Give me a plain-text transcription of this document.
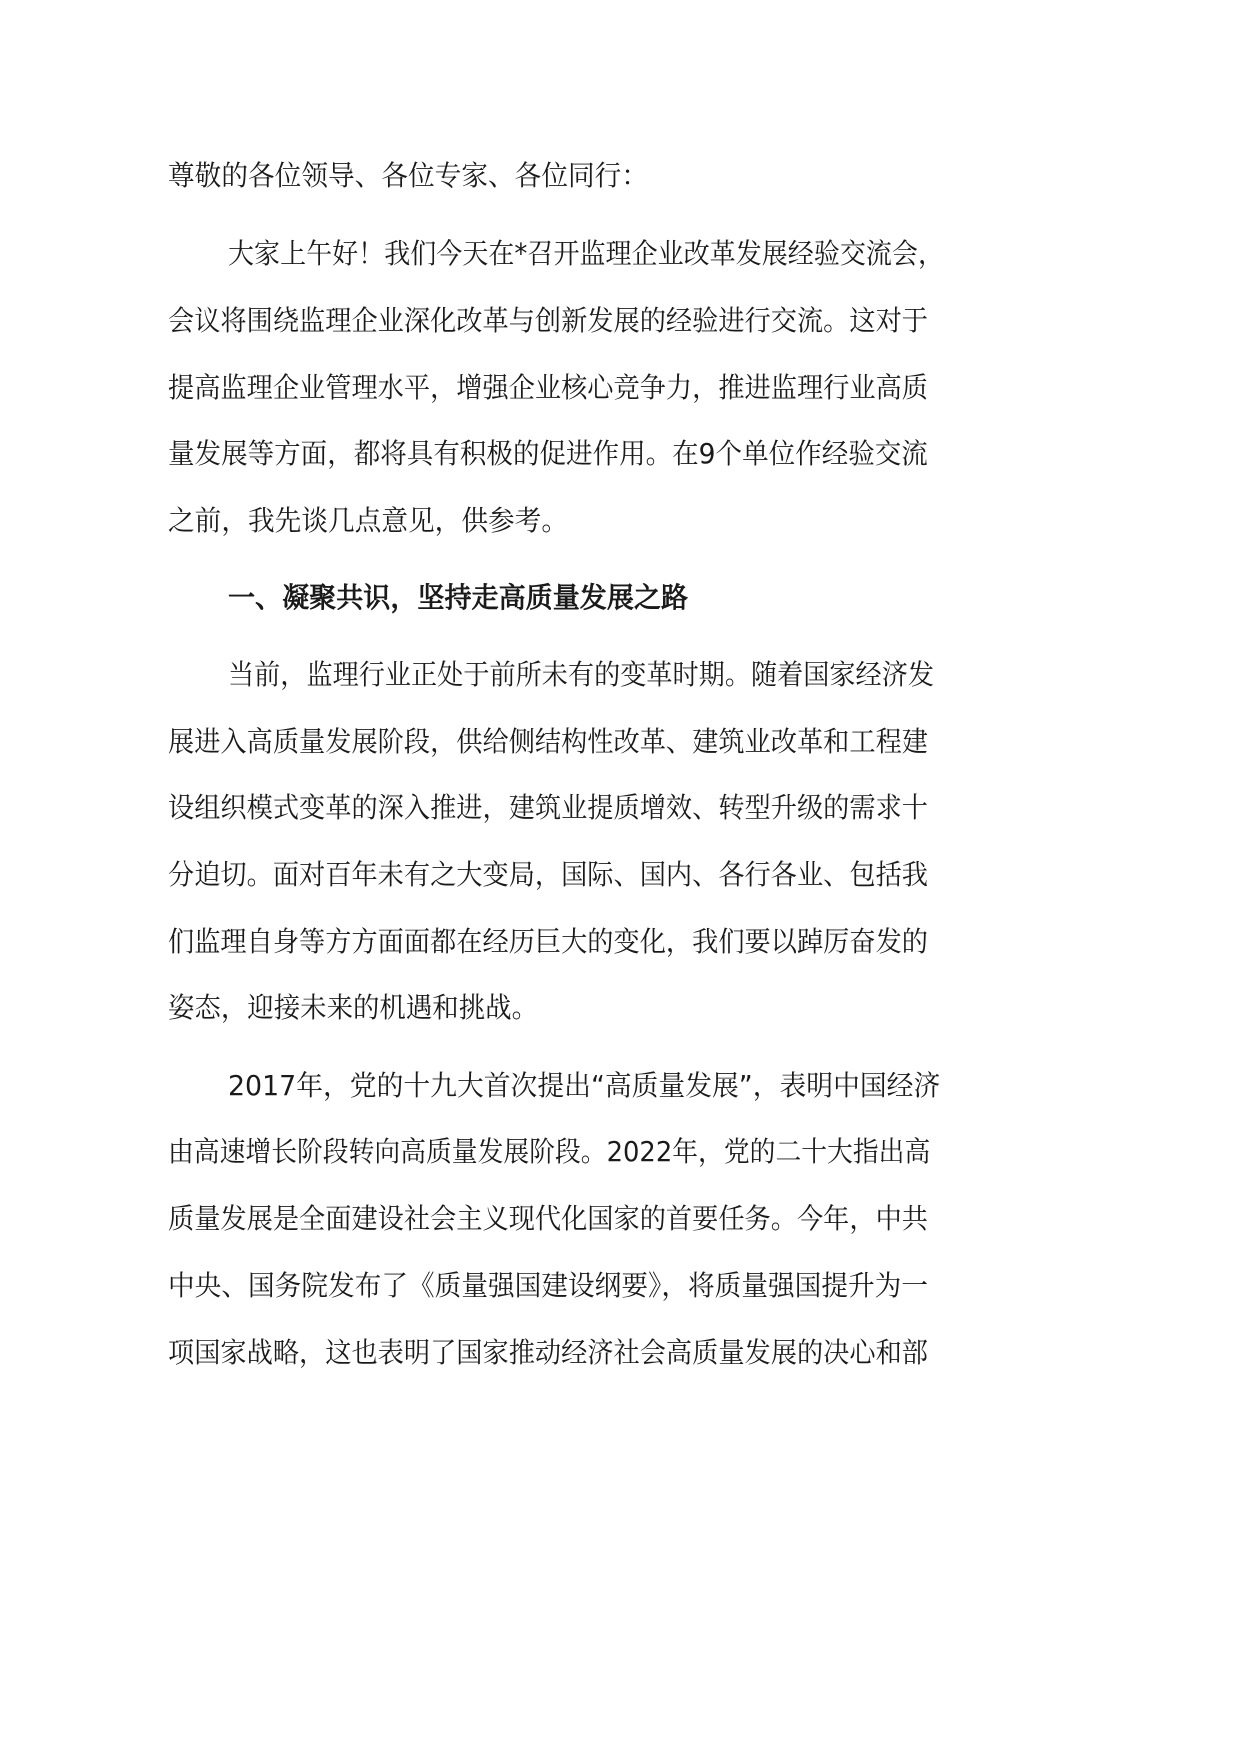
尊敬的各位领导、各位专家、各位同行：
大家上午好！我们今天在*召开监理企业改革发展经验交流会，
会议将围绕监理企业深化改革与创新发展的经验进行交流。这对于
提高监理企业管理水平，增强企业核心竞争力，推进监理行业高质
量发展等方面，都将具有积极的促进作用。在9个单位作经验交流
之前，我先谈几点意见，供参考。
一、凝聚共识，坚持走高质量发展之路
当前，监理行业正处于前所未有的变革时期。随着国家经济发
展进入高质量发展阶段，供给侧结构性改革、建筑业改革和工程建
设组织模式变革的深入推进，建筑业提质增效、转型升级的需求十
分迫切。面对百年未有之大变局，国际、国内、各行各业、包括我
们监理自身等方方面面都在经历巨大的变化，我们要以踔厉奋发的
姿态，迎接未来的机遇和挑战。
2017年，党的十九大首次提出“高质量发展”，表明中国经济
由高速增长阶段转向高质量发展阶段。2022年，党的二十大指出高
质量发展是全面建设社会主义现代化国家的首要任务。今年，中共
中央、国务院发布了《质量强国建设纲要》，将质量强国提升为一
项国家战略，这也表明了国家推动经济社会高质量发展的决心和部
